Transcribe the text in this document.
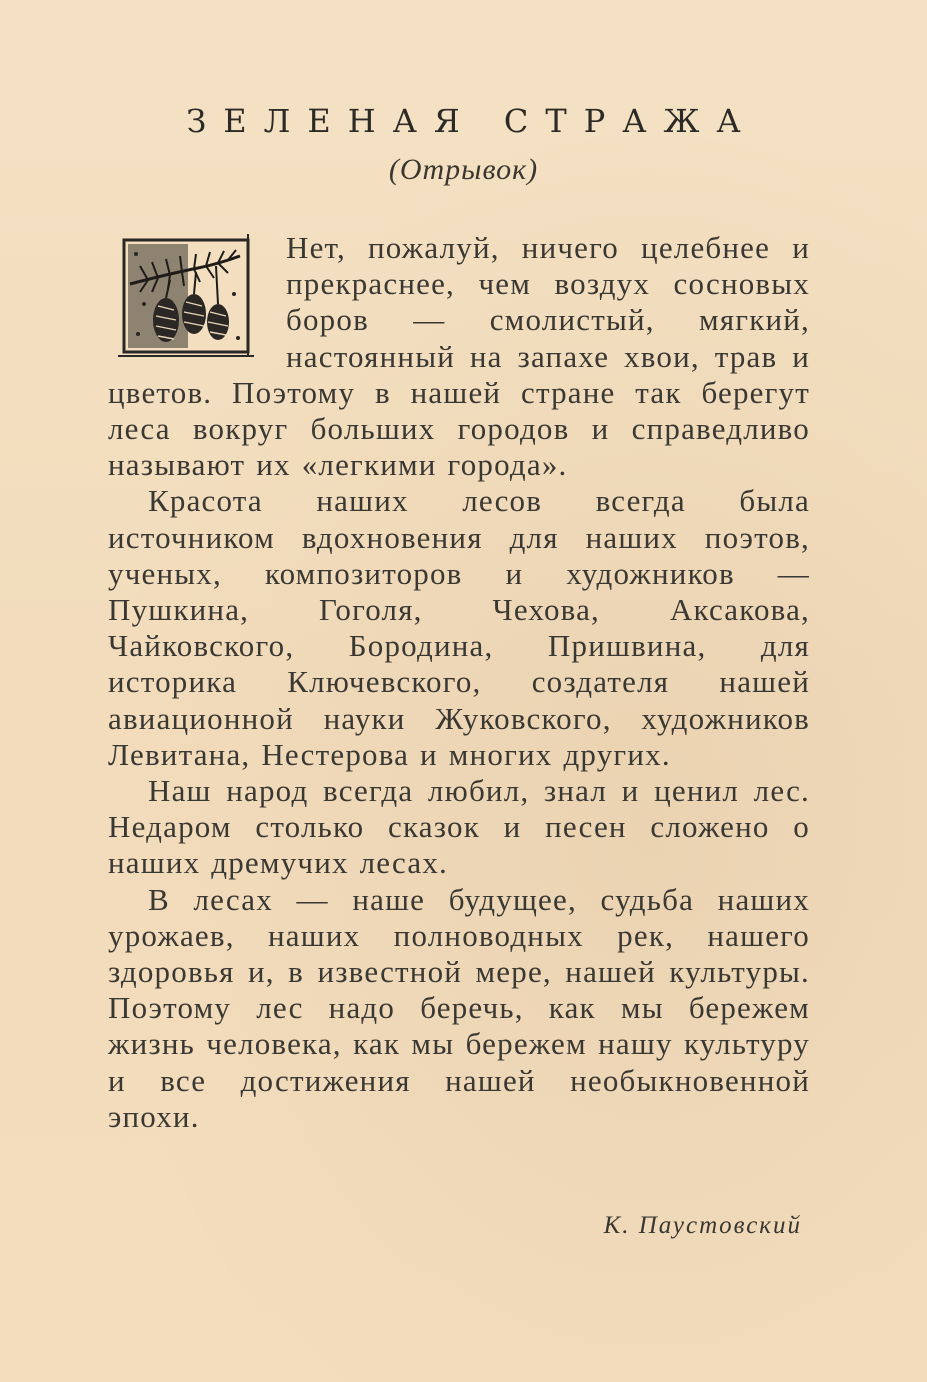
ЗЕЛЕНАЯ СТРАЖА
(Отрывок)

Нет, пожалуй, ничего целебнее и прекраснее, чем воздух сосновых боров — смолистый, мягкий, настоянный на запахе хвои, трав и цветов. Поэтому в нашей стране так берегут леса вокруг больших городов и справедливо называют их «легкими города».

Красота наших лесов всегда была источником вдохновения для наших поэтов, ученых, композиторов и художников — Пушкина, Гоголя, Чехова, Аксакова, Чайковского, Бородина, Пришвина, для историка Ключевского, создателя нашей авиационной науки Жуковского, художников Левитана, Нестерова и многих других.

Наш народ всегда любил, знал и ценил лес. Недаром столько сказок и песен сложено о наших дремучих лесах.

В лесах — наше будущее, судьба наших урожаев, наших полноводных рек, нашего здоровья и, в известной мере, нашей культуры. Поэтому лес надо беречь, как мы бережем жизнь человека, как мы бережем нашу культуру и все достижения нашей необыкновенной эпохи.

К. Паустовский
